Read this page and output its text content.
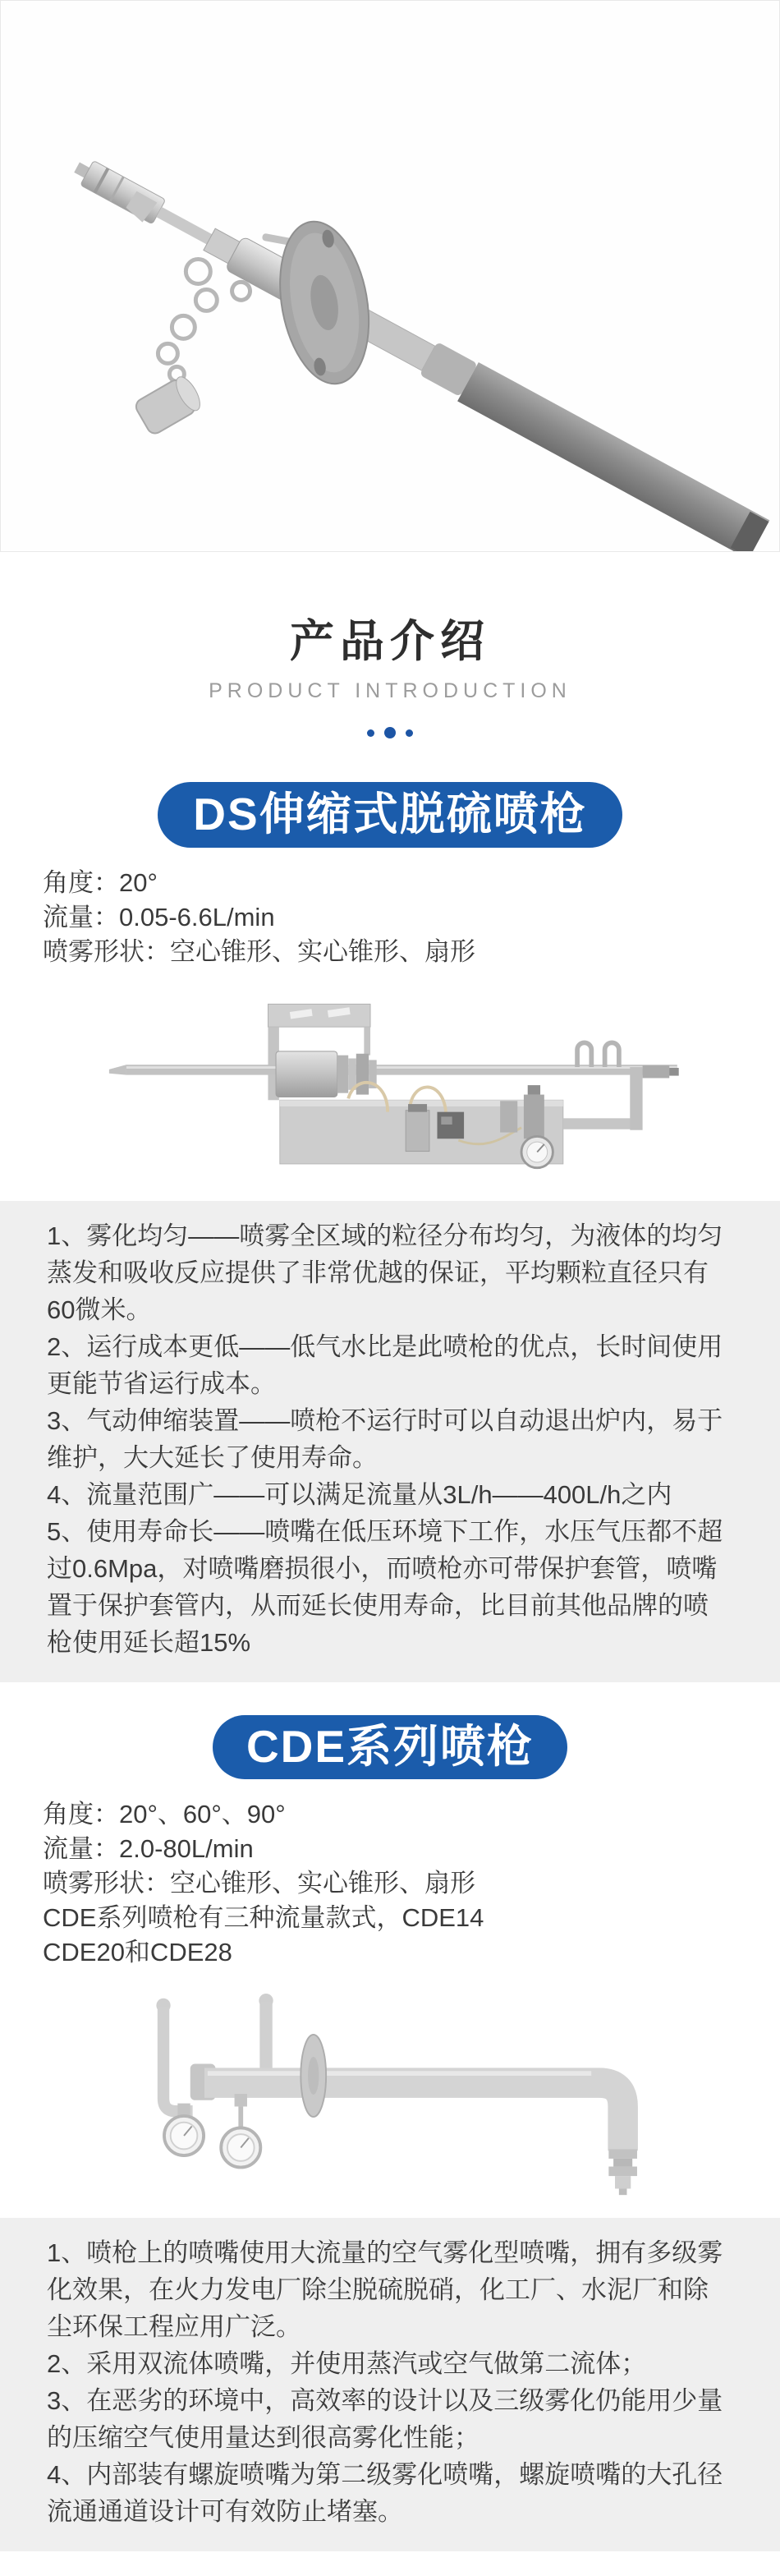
产品介绍
PRODUCT INTRODUCTION
DS伸缩式脱硫喷枪

角度：20°

流量：0.05-6.6L/min

喷雾形状：空心锥形、实心锥形、扇形

1、雾化均匀——喷雾全区域的粒径分布均匀，为液体的均匀蒸发和吸收反应提供了非常优越的保证，平均颗粒直径只有60微米。

2、运行成本更低——低气水比是此喷枪的优点，长时间使用更能节省运行成本。

3、气动伸缩装置——喷枪不运行时可以自动退出炉内，易于维护，大大延长了使用寿命。

4、流量范围广——可以满足流量从3L/h——400L/h之内

5、使用寿命长——喷嘴在低压环境下工作，水压气压都不超过0.6Mpa，对喷嘴磨损很小，而喷枪亦可带保护套管，喷嘴置于保护套管内，从而延长使用寿命，比目前其他品牌的喷枪使用延长超15%

CDE系列喷枪

角度：20°、60°、90°

流量：2.0-80L/min

喷雾形状：空心锥形、实心锥形、扇形

CDE系列喷枪有三种流量款式，CDE14

CDE20和CDE28

1、喷枪上的喷嘴使用大流量的空气雾化型喷嘴，拥有多级雾化效果，在火力发电厂除尘脱硫脱硝，化工厂、水泥厂和除尘环保工程应用广泛。

2、采用双流体喷嘴，并使用蒸汽或空气做第二流体；

3、在恶劣的环境中，高效率的设计以及三级雾化仍能用少量的压缩空气使用量达到很高雾化性能；

4、内部装有螺旋喷嘴为第二级雾化喷嘴，螺旋喷嘴的大孔径流通通道设计可有效防止堵塞。
